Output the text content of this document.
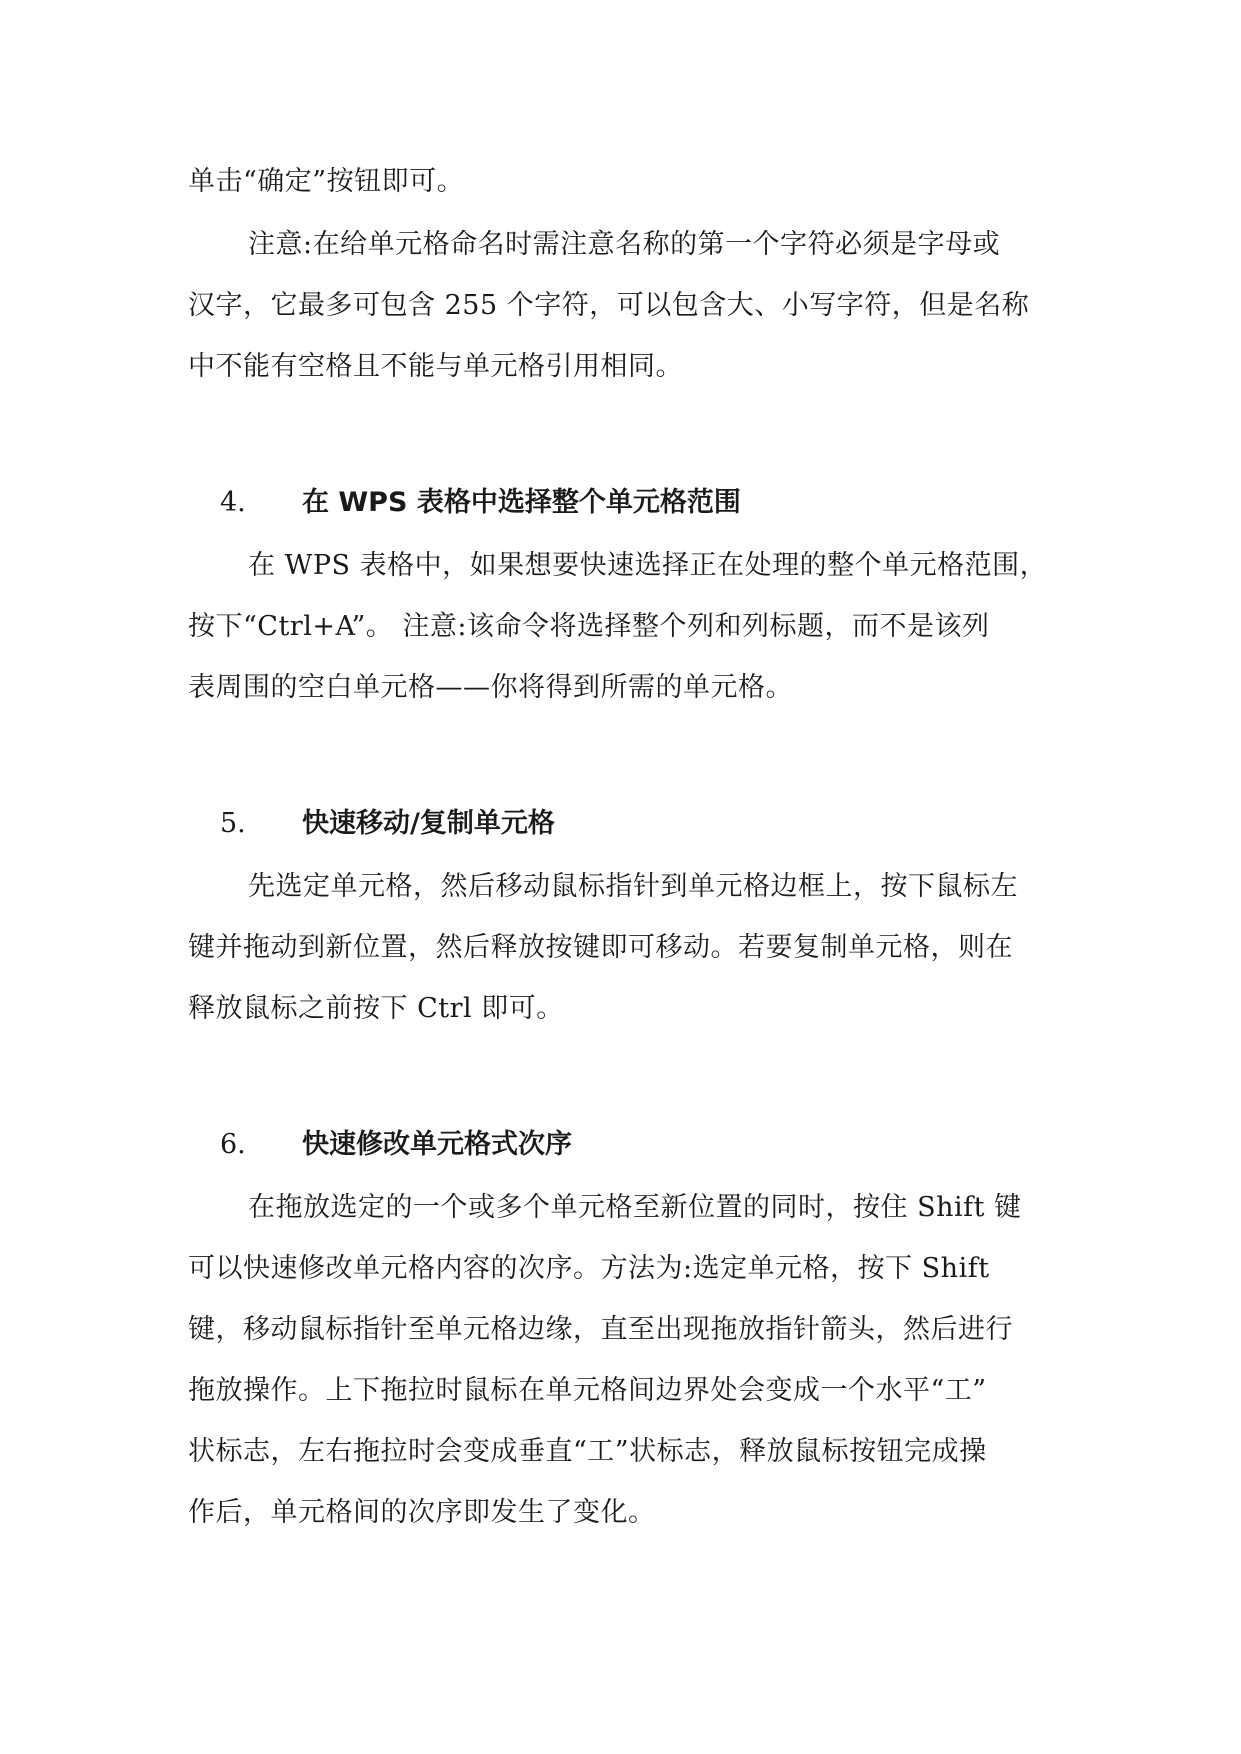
单击“确定”按钮即可。
注意:在给单元格命名时需注意名称的第一个字符必须是字母或
汉字，它最多可包含 255 个字符，可以包含大、小写字符，但是名称
中不能有空格且不能与单元格引用相同。
4. 在 WPS 表格中选择整个单元格范围
在 WPS 表格中，如果想要快速选择正在处理的整个单元格范围，
按下“Ctrl+A”。 注意:该命令将选择整个列和列标题，而不是该列
表周围的空白单元格——你将得到所需的单元格。
5. 快速移动/复制单元格
先选定单元格，然后移动鼠标指针到单元格边框上，按下鼠标左
键并拖动到新位置，然后释放按键即可移动。若要复制单元格，则在
释放鼠标之前按下 Ctrl 即可。
6. 快速修改单元格式次序
在拖放选定的一个或多个单元格至新位置的同时，按住 Shift 键
可以快速修改单元格内容的次序。方法为:选定单元格，按下 Shift
键，移动鼠标指针至单元格边缘，直至出现拖放指针箭头，然后进行
拖放操作。上下拖拉时鼠标在单元格间边界处会变成一个水平“工”
状标志，左右拖拉时会变成垂直“工”状标志，释放鼠标按钮完成操
作后，单元格间的次序即发生了变化。
